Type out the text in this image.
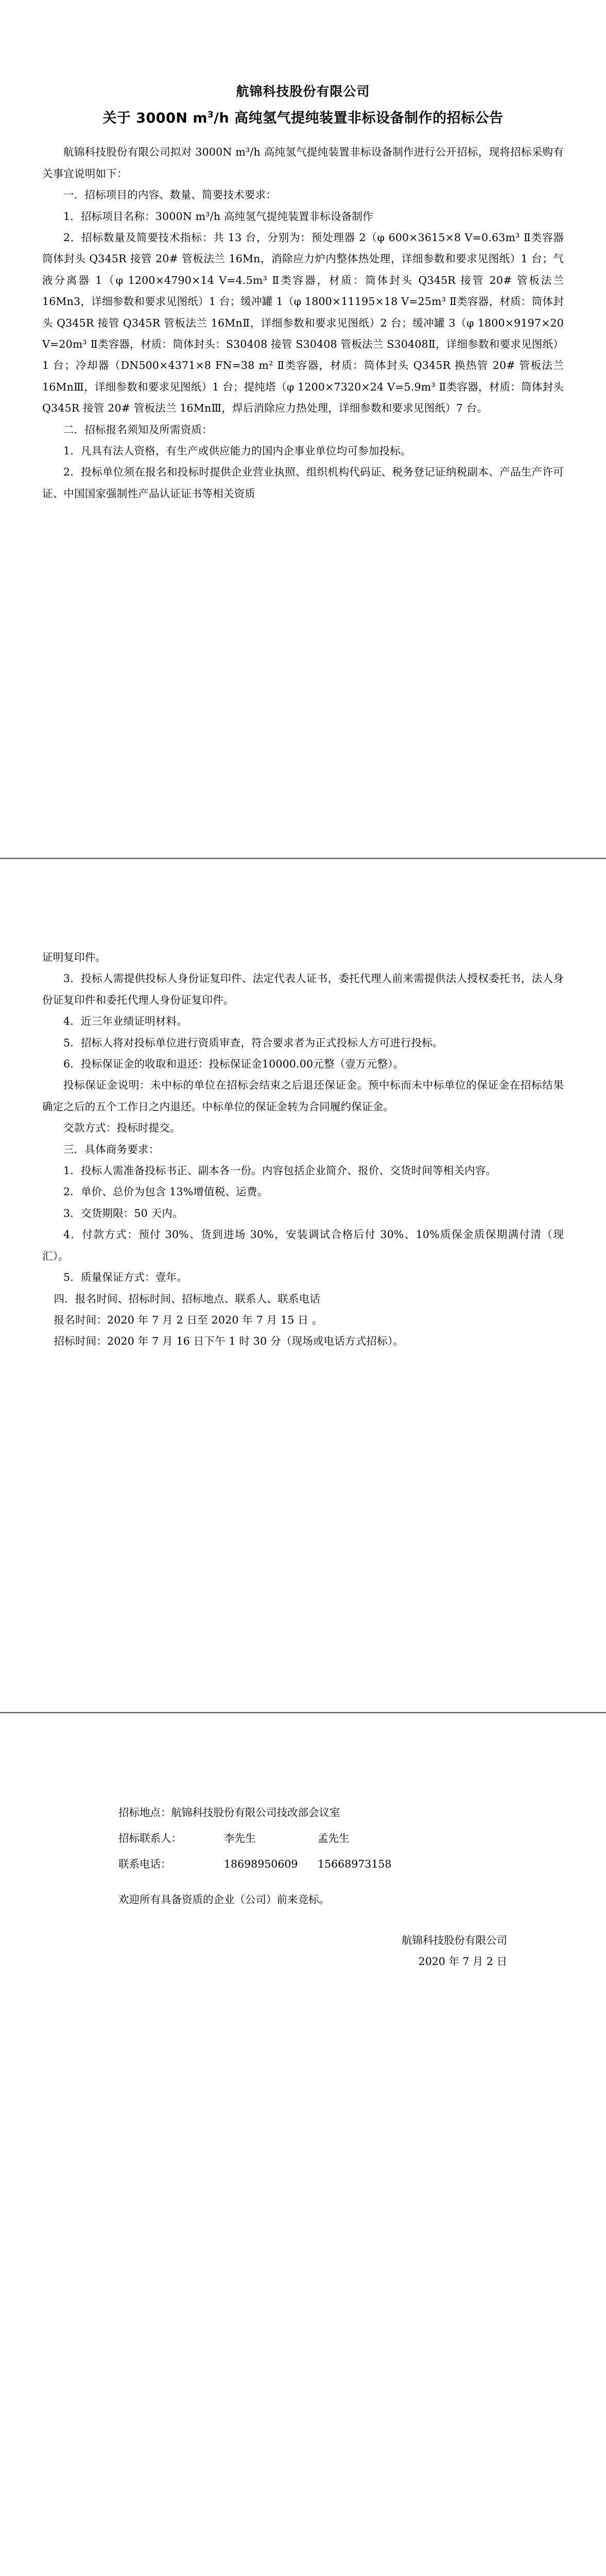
航锦科技股份有限公司
关于 3000N $m^3/h$ 高纯氢气提纯装置非标设备制作的招标公告

航锦科技股份有限公司拟对 3000N m³/h 高纯氢气提纯装置非标设备制作进行公开招标，现将招标采购有关事宜说明如下：

一．招标项目的内容、数量、简要技术要求：

1．招标项目名称：3000N m³/h 高纯氢气提纯装置非标设备制作

2．招标数量及简要技术指标：共 13 台，分别为：预处理器 2（φ 600×3615×8 V=0.63m³ Ⅱ类容器 筒体封头 Q345R 接管 20# 管板法兰 16Mn，消除应力炉内整体热处理，详细参数和要求见图纸）1 台；气液分离器 1（φ 1200×4790×14 V=4.5m³ Ⅱ类容器，材质：筒体封头 Q345R 接管 20# 管板法兰 16Mn3，详细参数和要求见图纸）1 台；缓冲罐 1（φ 1800×11195×18 V=25m³ Ⅱ类容器，材质：筒体封头 Q345R 接管 Q345R 管板法兰 16MnⅡ，详细参数和要求见图纸）2 台；缓冲罐 3（φ 1800×9197×20 V=20m³ Ⅱ类容器，材质：筒体封头：S30408 接管 S30408 管板法兰 S30408Ⅱ，详细参数和要求见图纸）1 台；冷却器（DN500×4371×8 FN=38 m² Ⅱ类容器，材质：筒体封头 Q345R 换热管 20# 管板法兰 16MnⅢ，详细参数和要求见图纸）1 台；提纯塔（φ 1200×7320×24 V=5.9m³ Ⅱ类容器，材质：筒体封头 Q345R 接管 20# 管板法兰 16MnⅢ，焊后消除应力热处理，详细参数和要求见图纸）7 台。

二．招标报名须知及所需资质：

1．凡具有法人资格，有生产或供应能力的国内企事业单位均可参加投标。

2．投标单位须在报名和投标时提供企业营业执照、组织机构代码证、税务登记证纳税副本、产品生产许可证、中国国家强制性产品认证证书等相关资质

证明复印件。

3．投标人需提供投标人身份证复印件、法定代表人证书，委托代理人前来需提供法人授权委托书，法人身份证复印件和委托代理人身份证复印件。

4．近三年业绩证明材料。

5．招标人将对投标单位进行资质审查，符合要求者为正式投标人方可进行投标。

6．投标保证金的收取和退还：投标保证金10000.00元整（壹万元整）。

投标保证金说明：未中标的单位在招标会结束之后退还保证金。预中标而未中标单位的保证金在招标结果确定之后的五个工作日之内退还。中标单位的保证金转为合同履约保证金。

交款方式：投标时提交。

三．具体商务要求：

1．投标人需准备投标书正、副本各一份。内容包括企业简介、报价、交货时间等相关内容。

2．单价、总价为包含 13%增值税、运费。

3．交货期限：50 天内。

4．付款方式：预付 30%、货到进场 30%，安装调试合格后付 30%、10%质保金质保期满付清（现汇）。

5．质量保证方式：壹年。

四．报名时间、招标时间、招标地点、联系人、联系电话

报名时间：2020 年 7 月 2 日至 2020 年 7 月 15 日 。

招标时间：2020 年 7 月 16 日下午 1 时 30 分（现场或电话方式招标）。

招标地点：航锦科技股份有限公司技改部会议室

招标联系人：	李先生	孟先生

联系电话：	18698950609 15668973158

欢迎所有具备资质的企业（公司）前来竞标。

航锦科技股份有限公司

2020 年 7 月 2 日
